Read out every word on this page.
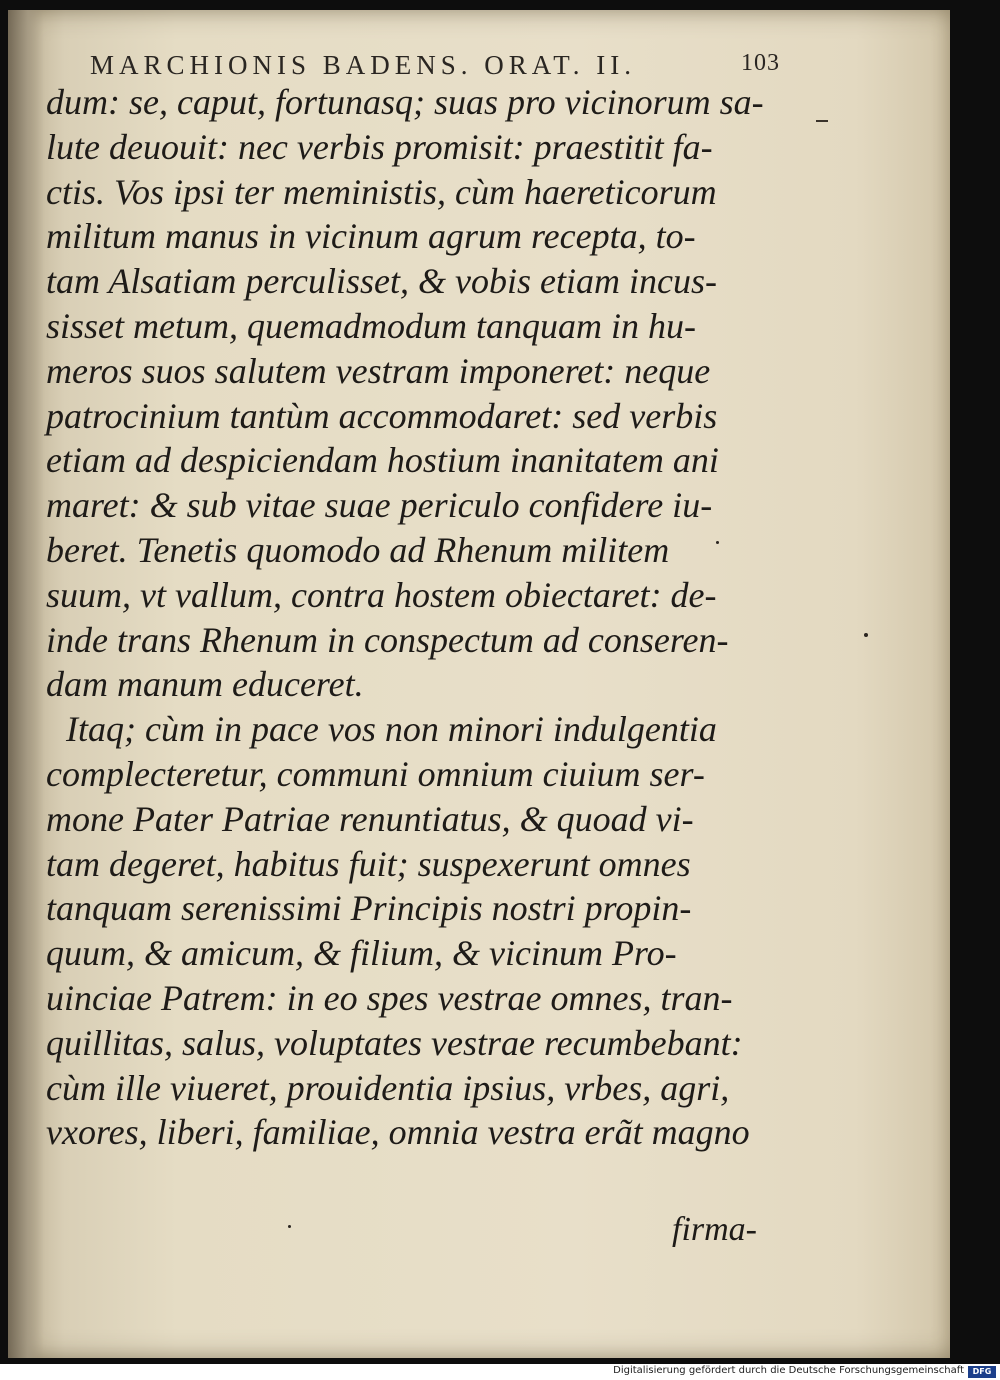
MARCHIONIS BADENS. ORAT. II.	103
dum: se, caput, fortunasq; suas pro vicinorum sa-
lute deuouit: nec verbis promisit: praestitit fa-
ctis. Vos ipsi ter meministis, cùm haereticorum
militum manus in vicinum agrum recepta, to-
tam Alsatiam perculisset, & vobis etiam incus-
sisset metum, quemadmodum tanquam in hu-
meros suos salutem vestram imponeret: neque
patrocinium tantùm accommodaret: sed verbis
etiam ad despiciendam hostium inanitatem ani
maret: & sub vitae suae periculo confidere iu-
beret. Tenetis quomodo ad Rhenum militem
suum, vt vallum, contra hostem obiectaret: de-
inde trans Rhenum in conspectum ad conseren-
dam manum educeret.
Itaq; cùm in pace vos non minori indulgentia
complecteretur, communi omnium ciuium ser-
mone Pater Patriae renuntiatus, & quoad vi-
tam degeret, habitus fuit; suspexerunt omnes
tanquam serenissimi Principis nostri propin-
quum, & amicum, & filium, & vicinum Pro-
uinciae Patrem: in eo spes vestrae omnes, tran-
quillitas, salus, voluptates vestrae recumbebant:
cùm ille viueret, prouidentia ipsius, vrbes, agri,
vxores, liberi, familiae, omnia vestra erãt magno
firma-
Digitalisierung gefördert durch die Deutsche Forschungsgemeinschaft	DFG
